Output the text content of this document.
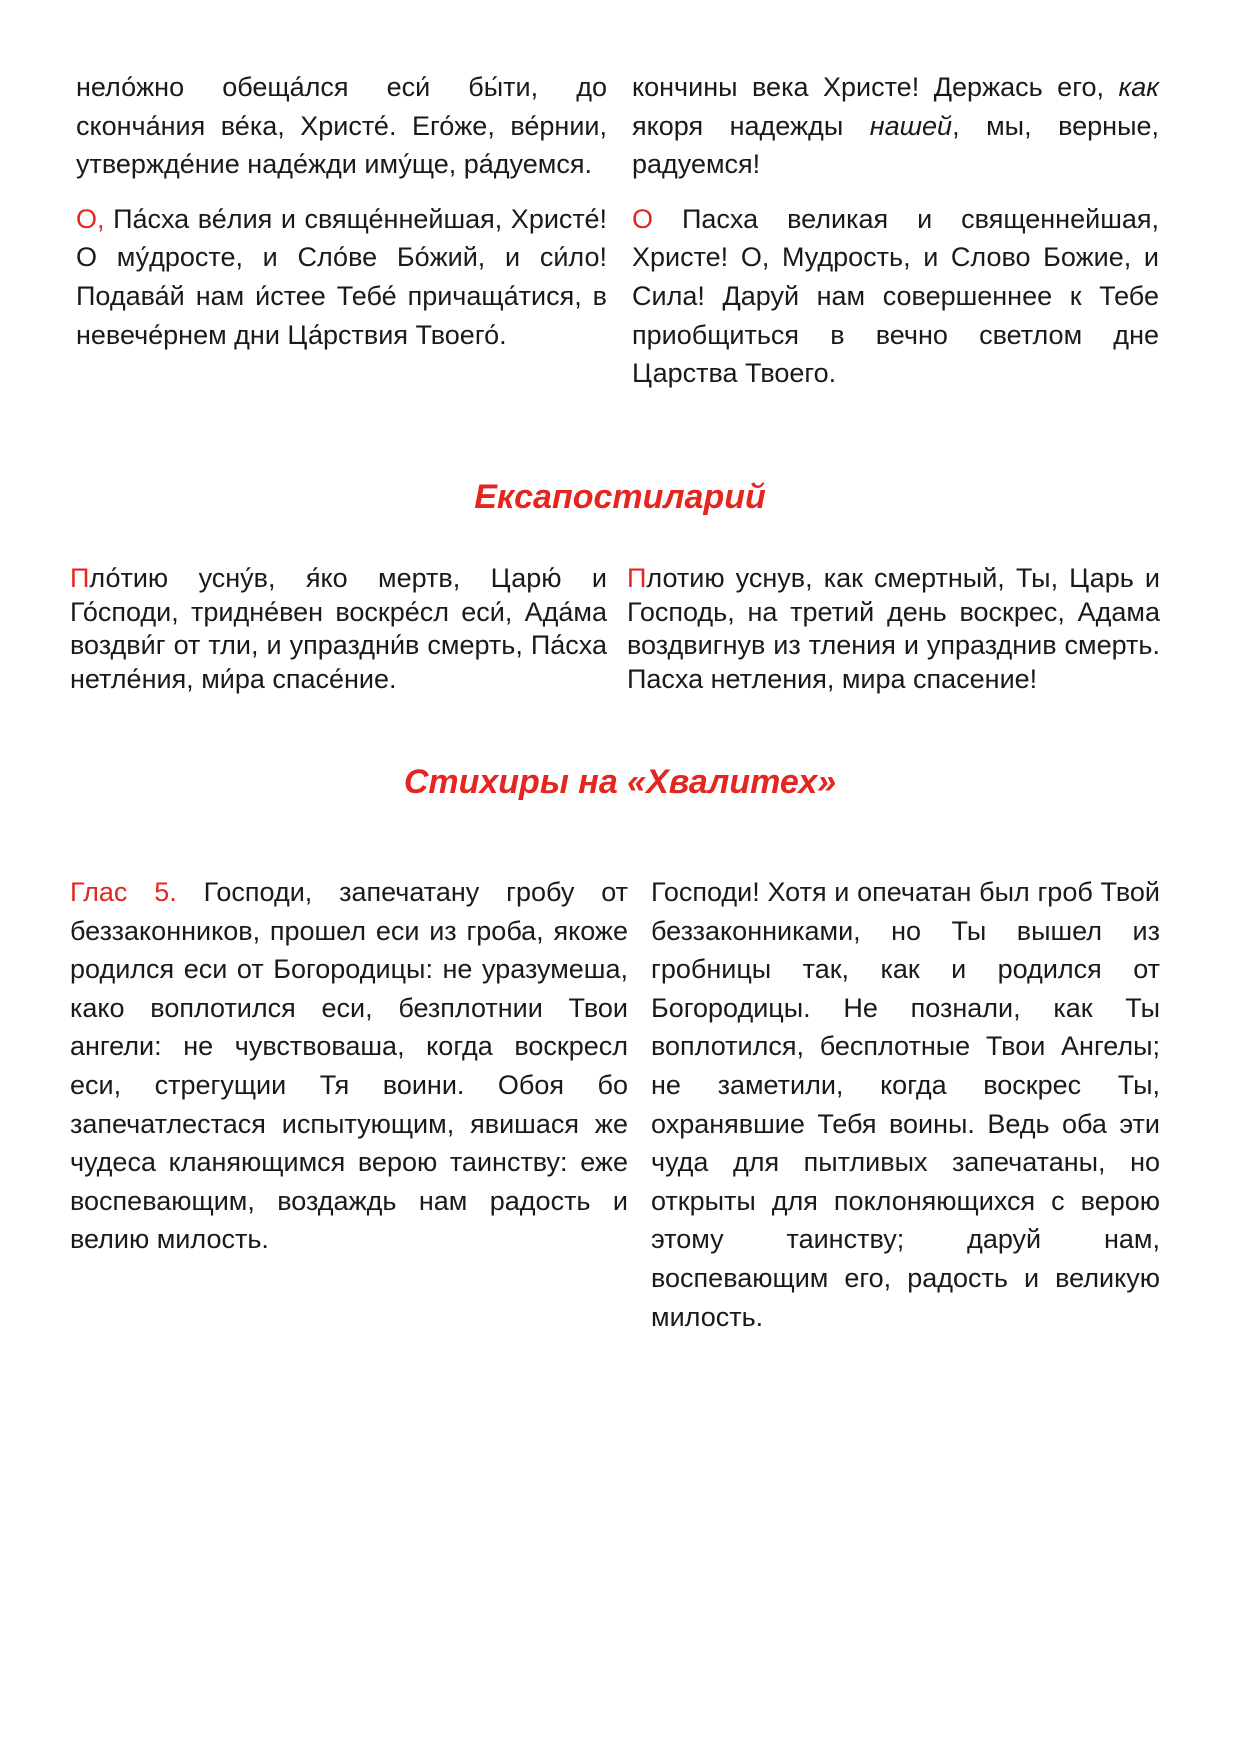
нело́жно обеща́лся еси́ бы́ти, до сконча́ния ве́ка, Христе́. Его́же, ве́рнии, утвержде́ние наде́жди иму́ще, ра́дуемся.

О, Па́сха ве́лия и свяще́ннейшая, Христе́! О му́дросте, и Сло́ве Бо́жий, и си́ло! Подава́й нам и́стее Тебе́ причаща́тися, в невече́рнем дни Ца́рствия Твоего́.

кончины века Христе! Держась его, как якоря надежды нашей, мы, верные, радуемся!

О Пасха великая и священнейшая, Христе! О, Мудрость, и Слово Божие, и Сила! Даруй нам совершеннее к Тебе приобщиться в вечно светлом дне Царства Твоего.

Ексапостиларий

Пло́тию усну́в, я́ко мертв, Царю́ и Го́споди, тридне́вен воскре́сл еси́, Ада́ма воздви́г от тли, и упраздни́в смерть, Па́сха нетле́ния, ми́ра спасе́ние.

Плотию уснув, как смертный, Ты, Царь и Господь, на третий день воскрес, Адама воздвигнув из тления и упразднив смерть. Пасха нетления, мира спасение!

Стихиры на «Хвалитех»

Глас 5. Господи, запечатану гробу от беззаконников, прошел еси из гроба, якоже родился еси от Богородицы: не уразумеша, како воплотился еси, безплотнии Твои ангели: не чувствоваша, когда воскресл еси, стрегущии Тя воини. Обоя бо запечатлестася испытующим, явишася же чудеса кланяющимся верою таинству: еже воспевающим, воздаждь нам радость и велию милость.

Господи! Хотя и опечатан был гроб Твой беззаконниками, но Ты вышел из гробницы так, как и родился от Богородицы. Не познали, как Ты воплотился, бесплотные Твои Ангелы; не заметили, когда воскрес Ты, охранявшие Тебя воины. Ведь оба эти чуда для пытливых запечатаны, но открыты для поклоняющихся с верою этому таинству; даруй нам, воспевающим его, радость и великую милость.
